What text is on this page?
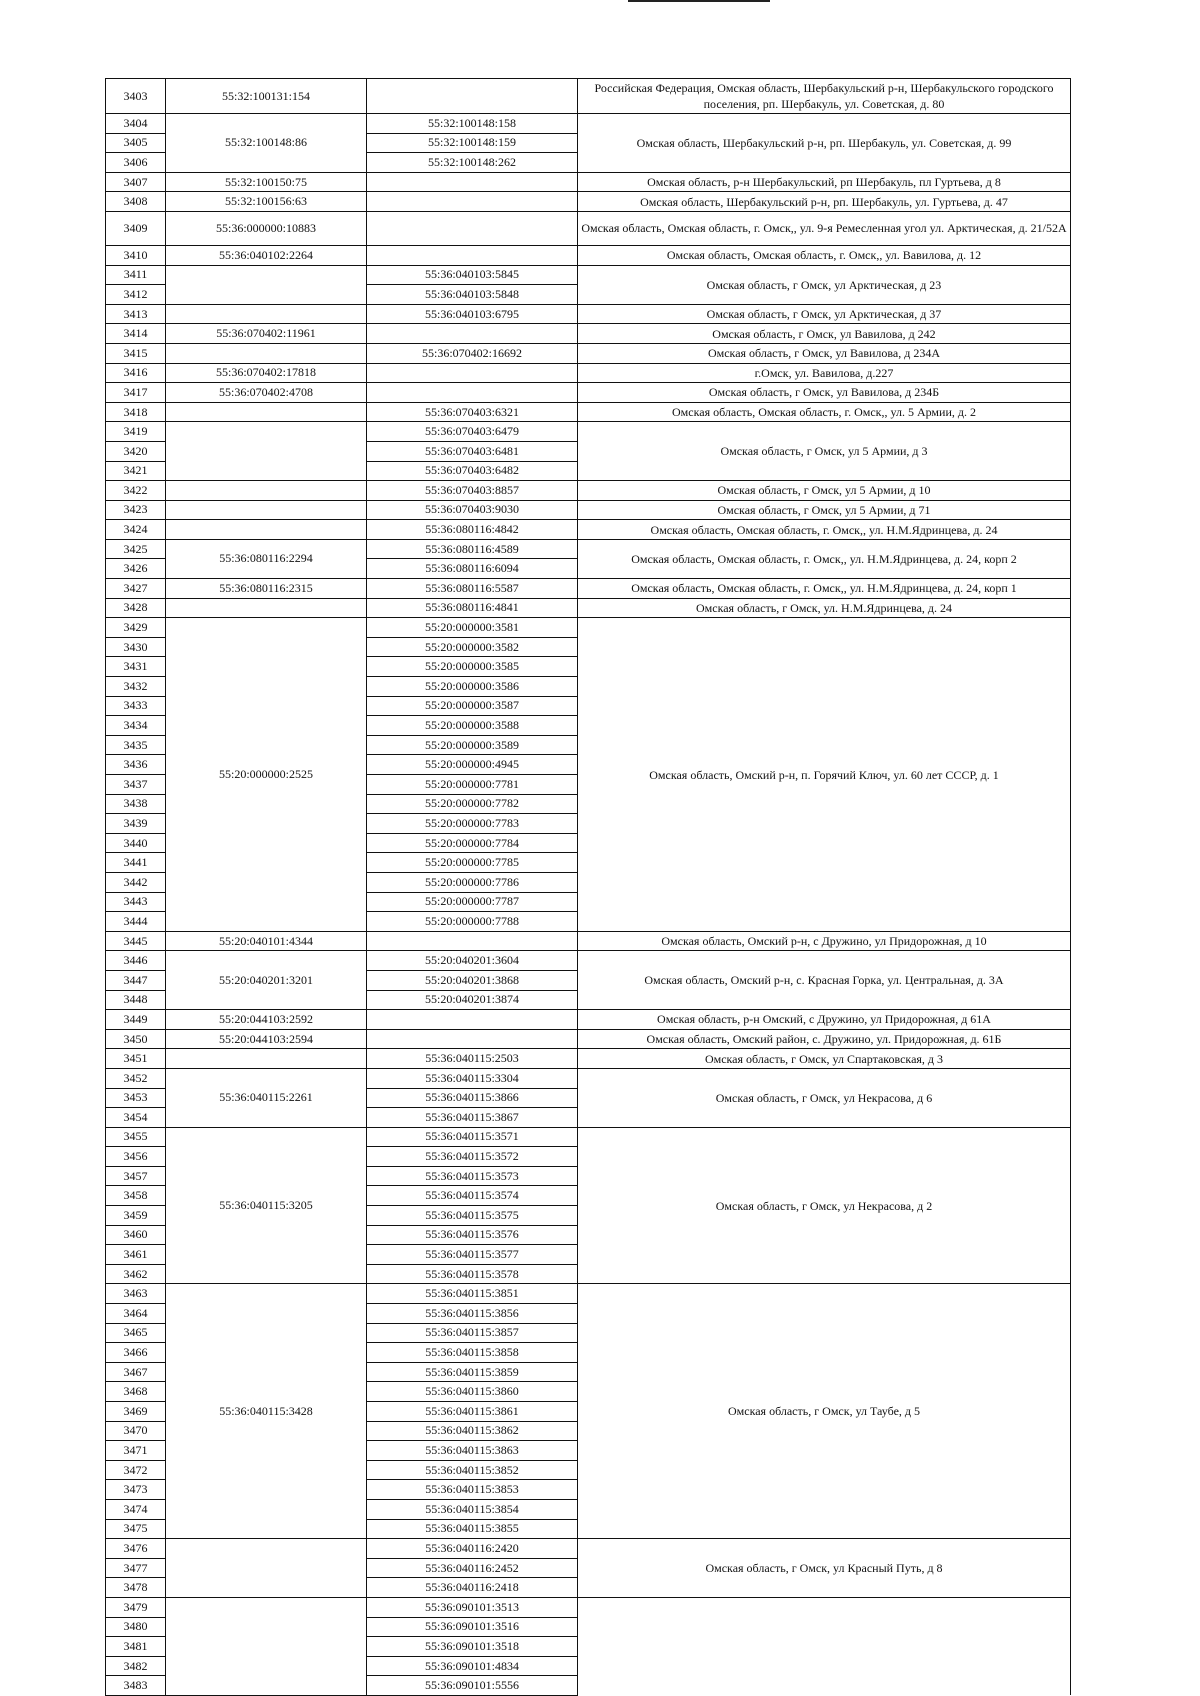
3403	55:32:100131:154		Российская Федерация, Омская область, Шербакульский р-н, Шербакульского городского поселения, рп. Шербакуль, ул. Советская, д. 80
3404	55:32:100148:86	55:32:100148:158	Омская область, Шербакульский р-н, рп. Шербакуль, ул. Советская, д. 99
3405		55:32:100148:159	
3406		55:32:100148:262	
3407	55:32:100150:75		Омская область, р-н Шербакульский, рп Шербакуль, пл Гуртьева, д 8
3408	55:32:100156:63		Омская область, Шербакульский р-н, рп. Шербакуль, ул. Гуртьева, д. 47
3409	55:36:000000:10883		Омская область, Омская область, г. Омск,, ул. 9-я Ремесленная угол ул. Арктическая, д. 21/52А
3410	55:36:040102:2264		Омская область, Омская область, г. Омск,, ул. Вавилова, д. 12
3411		55:36:040103:5845	Омская область, г Омск, ул Арктическая, д 23
3412		55:36:040103:5848	
3413		55:36:040103:6795	Омская область, г Омск, ул Арктическая, д 37
3414	55:36:070402:11961		Омская область, г Омск, ул Вавилова, д 242
3415		55:36:070402:16692	Омская область, г Омск, ул Вавилова, д 234А
3416	55:36:070402:17818		г.Омск, ул. Вавилова, д.227
3417	55:36:070402:4708		Омская область, г Омск, ул Вавилова, д 234Б
3418		55:36:070403:6321	Омская область, Омская область, г. Омск,, ул. 5 Армии, д. 2
3419		55:36:070403:6479	Омская область, г Омск, ул 5 Армии, д 3
3420		55:36:070403:6481	
3421		55:36:070403:6482	
3422		55:36:070403:8857	Омская область, г Омск, ул 5 Армии, д 10
3423		55:36:070403:9030	Омская область, г Омск, ул 5 Армии, д 71
3424		55:36:080116:4842	Омская область, Омская область, г. Омск,, ул. Н.М.Ядринцева, д. 24
3425	55:36:080116:2294	55:36:080116:4589	Омская область, Омская область, г. Омск,, ул. Н.М.Ядринцева, д. 24, корп 2
3426		55:36:080116:6094	
3427	55:36:080116:2315	55:36:080116:5587	Омская область, Омская область, г. Омск,, ул. Н.М.Ядринцева, д. 24, корп 1
3428		55:36:080116:4841	Омская область, г Омск, ул. Н.М.Ядринцева, д. 24
3429	55:20:000000:2525	55:20:000000:3581	Омская область, Омский р-н, п. Горячий Ключ, ул. 60 лет СССР, д. 1
3430		55:20:000000:3582	
3431		55:20:000000:3585	
3432		55:20:000000:3586	
3433		55:20:000000:3587	
3434		55:20:000000:3588	
3435		55:20:000000:3589	
3436		55:20:000000:4945	
3437		55:20:000000:7781	
3438		55:20:000000:7782	
3439		55:20:000000:7783	
3440		55:20:000000:7784	
3441		55:20:000000:7785	
3442		55:20:000000:7786	
3443		55:20:000000:7787	
3444		55:20:000000:7788	
3445	55:20:040101:4344		Омская область, Омский р-н, с Дружино, ул Придорожная, д 10
3446	55:20:040201:3201	55:20:040201:3604	Омская область, Омский р-н, с. Красная Горка, ул. Центральная, д. 3А
3447		55:20:040201:3868	
3448		55:20:040201:3874	
3449	55:20:044103:2592		Омская область, р-н Омский, с Дружино, ул Придорожная, д 61А
3450	55:20:044103:2594		Омская область, Омский район, с. Дружино, ул. Придорожная, д. 61Б
3451		55:36:040115:2503	Омская область, г Омск, ул Спартаковская, д 3
3452	55:36:040115:2261	55:36:040115:3304	Омская область, г Омск, ул Некрасова, д 6
3453		55:36:040115:3866	
3454		55:36:040115:3867	
3455	55:36:040115:3205	55:36:040115:3571	Омская область, г Омск, ул Некрасова, д 2
3456		55:36:040115:3572	
3457		55:36:040115:3573	
3458		55:36:040115:3574	
3459		55:36:040115:3575	
3460		55:36:040115:3576	
3461		55:36:040115:3577	
3462		55:36:040115:3578	
3463	55:36:040115:3428	55:36:040115:3851	Омская область, г Омск, ул Таубе, д 5
3464		55:36:040115:3856	
3465		55:36:040115:3857	
3466		55:36:040115:3858	
3467		55:36:040115:3859	
3468		55:36:040115:3860	
3469		55:36:040115:3861	
3470		55:36:040115:3862	
3471		55:36:040115:3863	
3472		55:36:040115:3852	
3473		55:36:040115:3853	
3474		55:36:040115:3854	
3475		55:36:040115:3855	
3476		55:36:040116:2420	Омская область, г Омск, ул Красный Путь, д 8
3477		55:36:040116:2452	
3478		55:36:040116:2418	
3479		55:36:090101:3513	
3480		55:36:090101:3516	
3481		55:36:090101:3518	
3482		55:36:090101:4834	
3483		55:36:090101:5556	
